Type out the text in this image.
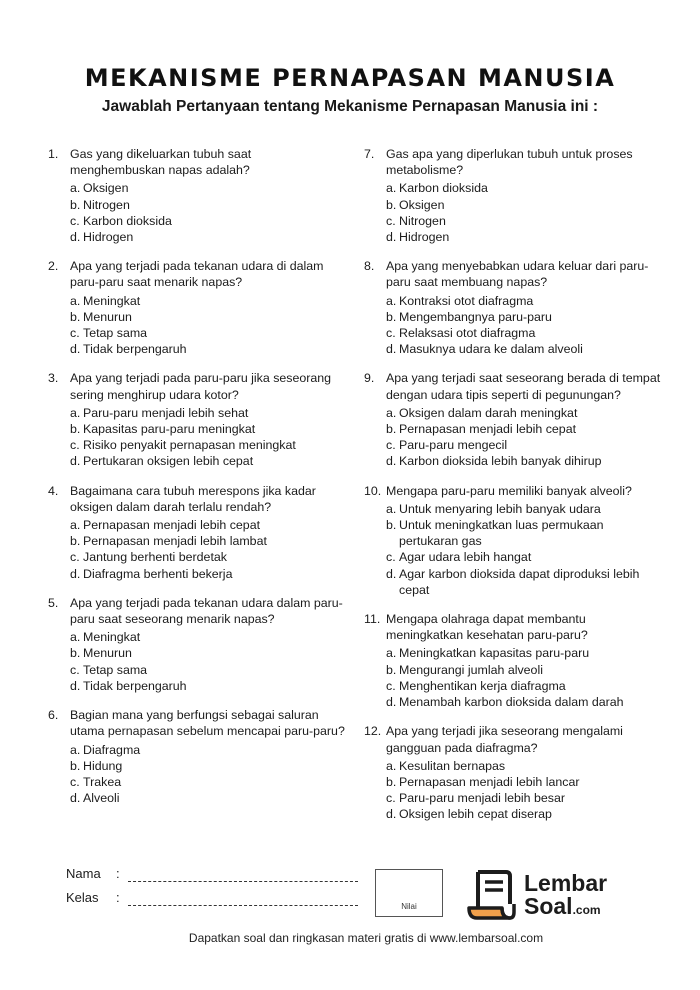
MEKANISME PERNAPASAN MANUSIA
Jawablah Pertanyaan tentang Mekanisme Pernapasan Manusia ini :
1. Gas yang dikeluarkan tubuh saat menghembuskan napas adalah?
a. Oksigen
b. Nitrogen
c. Karbon dioksida
d. Hidrogen
2. Apa yang terjadi pada tekanan udara di dalam paru-paru saat menarik napas?
a. Meningkat
b. Menurun
c. Tetap sama
d. Tidak berpengaruh
3. Apa yang terjadi pada paru-paru jika seseorang sering menghirup udara kotor?
a. Paru-paru menjadi lebih sehat
b. Kapasitas paru-paru meningkat
c. Risiko penyakit pernapasan meningkat
d. Pertukaran oksigen lebih cepat
4. Bagaimana cara tubuh merespons jika kadar oksigen dalam darah terlalu rendah?
a. Pernapasan menjadi lebih cepat
b. Pernapasan menjadi lebih lambat
c. Jantung berhenti berdetak
d. Diafragma berhenti bekerja
5. Apa yang terjadi pada tekanan udara dalam paru-paru saat seseorang menarik napas?
a. Meningkat
b. Menurun
c. Tetap sama
d. Tidak berpengaruh
6. Bagian mana yang berfungsi sebagai saluran utama pernapasan sebelum mencapai paru-paru?
a. Diafragma
b. Hidung
c. Trakea
d. Alveoli
7. Gas apa yang diperlukan tubuh untuk proses metabolisme?
a. Karbon dioksida
b. Oksigen
c. Nitrogen
d. Hidrogen
8. Apa yang menyebabkan udara keluar dari paru-paru saat membuang napas?
a. Kontraksi otot diafragma
b. Mengembangnya paru-paru
c. Relaksasi otot diafragma
d. Masuknya udara ke dalam alveoli
9. Apa yang terjadi saat seseorang berada di tempat dengan udara tipis seperti di pegunungan?
a. Oksigen dalam darah meningkat
b. Pernapasan menjadi lebih cepat
c. Paru-paru mengecil
d. Karbon dioksida lebih banyak dihirup
10. Mengapa paru-paru memiliki banyak alveoli?
a. Untuk menyaring lebih banyak udara
b. Untuk meningkatkan luas permukaan pertukaran gas
c. Agar udara lebih hangat
d. Agar karbon dioksida dapat diproduksi lebih cepat
11. Mengapa olahraga dapat membantu meningkatkan kesehatan paru-paru?
a. Meningkatkan kapasitas paru-paru
b. Mengurangi jumlah alveoli
c. Menghentikan kerja diafragma
d. Menambah karbon dioksida dalam darah
12. Apa yang terjadi jika seseorang mengalami gangguan pada diafragma?
a. Kesulitan bernapas
b. Pernapasan menjadi lebih lancar
c. Paru-paru menjadi lebih besar
d. Oksigen lebih cepat diserap
Nama :
Kelas :
Nilai
Lembar
Soal.com
Dapatkan soal dan ringkasan materi gratis di www.lembarsoal.com
